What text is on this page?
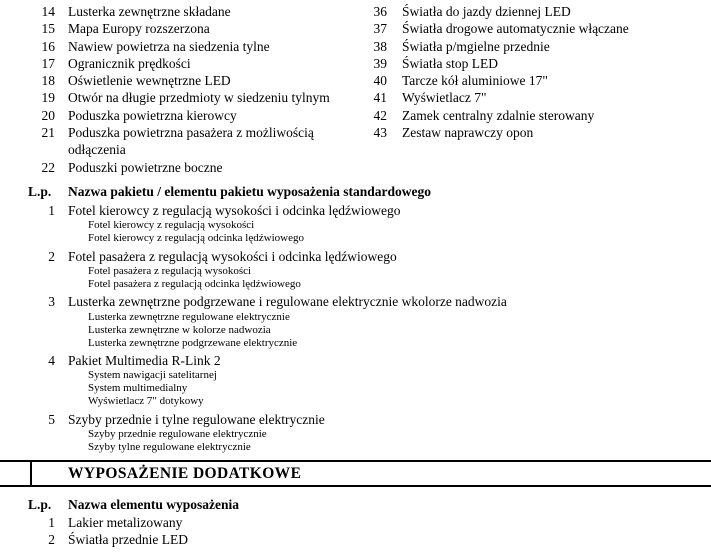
14 Lusterka zewnętrzne składane
15 Mapa Europy rozszerzona
16 Nawiew powietrza na siedzenia tylne
17 Ogranicznik prędkości
18 Oświetlenie wewnętrzne LED
19 Otwór na długie przedmioty w siedzeniu tylnym
20 Poduszka powietrzna kierowcy
21 Poduszka powietrzna pasażera z możliwością odłączenia
22 Poduszki powietrzne boczne
36 Światła do jazdy dziennej LED
37 Światła drogowe automatycznie włączane
38 Światła p/mgielne przednie
39 Światła stop LED
40 Tarcze kół aluminiowe 17"
41 Wyświetlacz 7"
42 Zamek centralny zdalnie sterowany
43 Zestaw naprawczy opon
L.p.	Nazwa pakietu / elementu pakietu wyposażenia standardowego
1 Fotel kierowcy z regulacją wysokości i odcinka lędźwiowego
Fotel kierowcy z regulacją wysokości
Fotel kierowcy z regulacją odcinka lędźwiowego
2 Fotel pasażera z regulacją wysokości i odcinka lędźwiowego
Fotel pasażera z regulacją wysokości
Fotel pasażera z regulacją odcinka lędźwiowego
3 Lusterka zewnętrzne podgrzewane i regulowane elektrycznie wkolorze nadwozia
Lusterka zewnętrzne regulowane elektrycznie
Lusterka zewnętrzne w kolorze nadwozia
Lusterka zewnętrzne podgrzewane elektrycznie
4 Pakiet Multimedia R-Link 2
System nawigacji satelitarnej
System multimedialny
Wyświetlacz 7" dotykowy
5 Szyby przednie i tylne regulowane elektrycznie
Szyby przednie regulowane elektrycznie
Szyby tylne regulowane elektrycznie
WYPOSAŻENIE DODATKOWE
L.p.	Nazwa elementu wyposażenia
1 Lakier metalizowany
2 Światła przednie LED
